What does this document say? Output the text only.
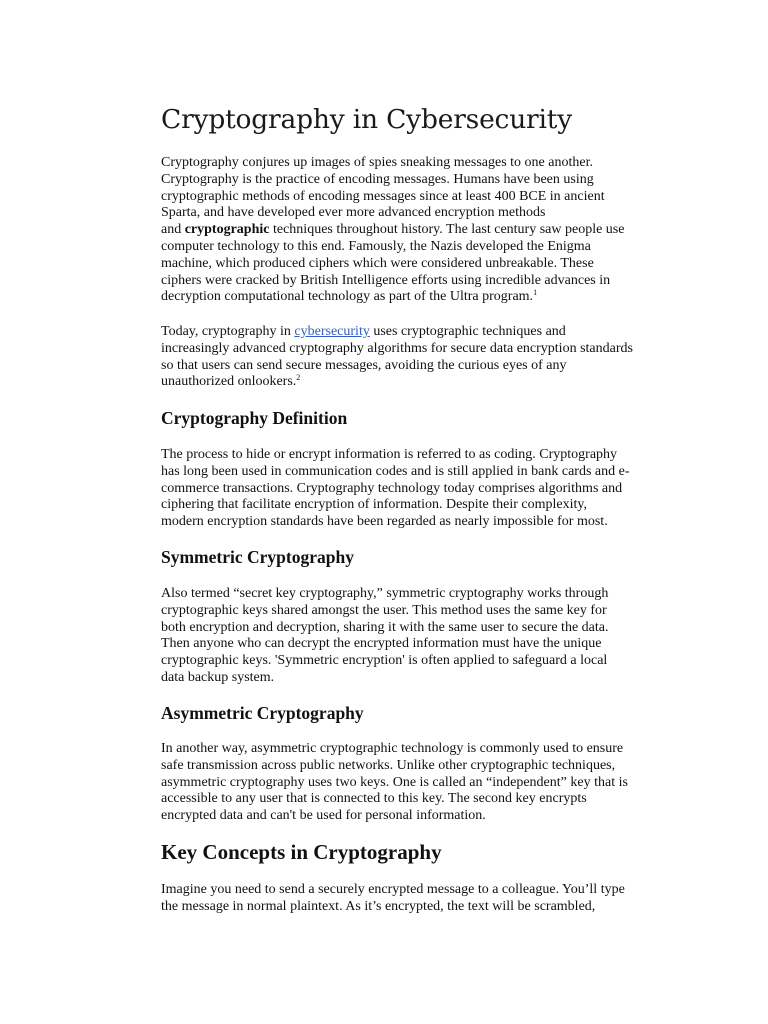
Cryptography in Cybersecurity

Cryptography conjures up images of spies sneaking messages to one another.
Cryptography is the practice of encoding messages. Humans have been using
cryptographic methods of encoding messages since at least 400 BCE in ancient
Sparta, and have developed ever more advanced encryption methods
and cryptographic techniques throughout history. The last century saw people use
computer technology to this end. Famously, the Nazis developed the Enigma
machine, which produced ciphers which were considered unbreakable. These
ciphers were cracked by British Intelligence efforts using incredible advances in
decryption computational technology as part of the Ultra program.$^1$

Today, cryptography in cybersecurity uses cryptographic techniques and
increasingly advanced cryptography algorithms for secure data encryption standards
so that users can send secure messages, avoiding the curious eyes of any
unauthorized onlookers.$^2$

Cryptography Definition

The process to hide or encrypt information is referred to as coding. Cryptography
has long been used in communication codes and is still applied in bank cards and e-
commerce transactions. Cryptography technology today comprises algorithms and
ciphering that facilitate encryption of information. Despite their complexity,
modern encryption standards have been regarded as nearly impossible for most.

Symmetric Cryptography

Also termed “secret key cryptography,” symmetric cryptography works through
cryptographic keys shared amongst the user. This method uses the same key for
both encryption and decryption, sharing it with the same user to secure the data.
Then anyone who can decrypt the encrypted information must have the unique
cryptographic keys. 'Symmetric encryption' is often applied to safeguard a local
data backup system.

Asymmetric Cryptography

In another way, asymmetric cryptographic technology is commonly used to ensure
safe transmission across public networks. Unlike other cryptographic techniques,
asymmetric cryptography uses two keys. One is called an “independent” key that is
accessible to any user that is connected to this key. The second key encrypts
encrypted data and can't be used for personal information.

Key Concepts in Cryptography

Imagine you need to send a securely encrypted message to a colleague. You’ll type
the message in normal plaintext. As it’s encrypted, the text will be scrambled,
